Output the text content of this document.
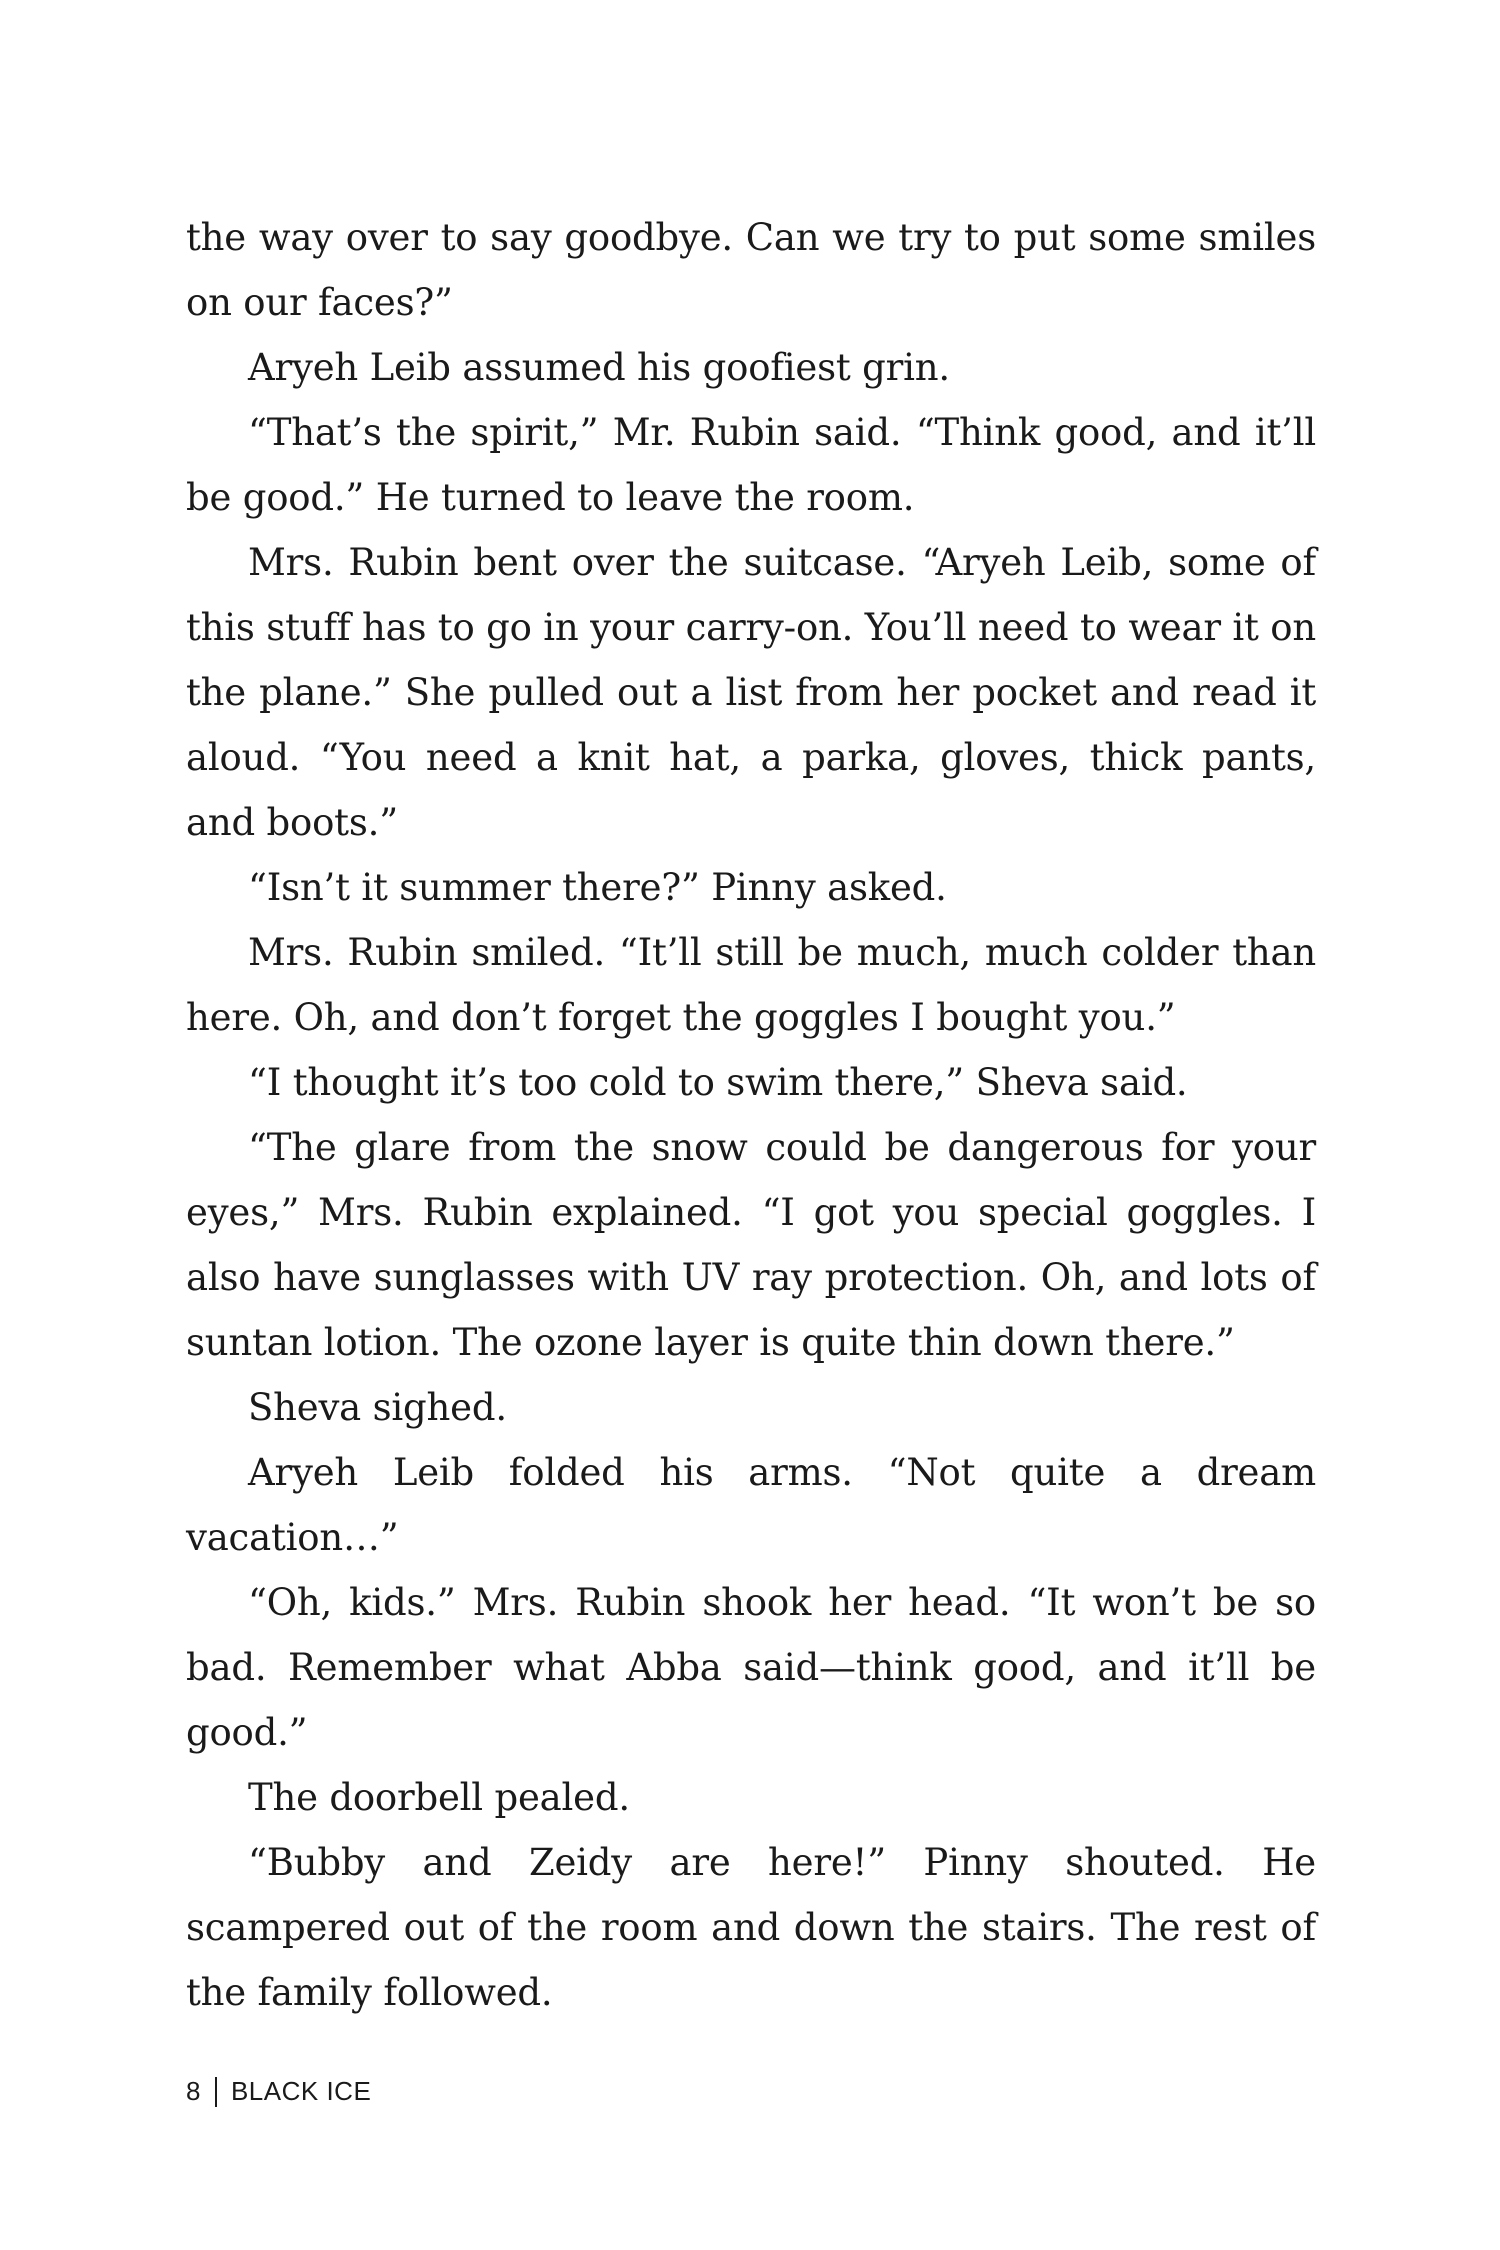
the way over to say goodbye. Can we try to put some smiles on our faces?”

Aryeh Leib assumed his goofiest grin.

“That’s the spirit,” Mr. Rubin said. “Think good, and it’ll be good.” He turned to leave the room.

Mrs. Rubin bent over the suitcase. “Aryeh Leib, some of this stuff has to go in your carry-on. You’ll need to wear it on the plane.” She pulled out a list from her pocket and read it aloud. “You need a knit hat, a parka, gloves, thick pants, and boots.”

“Isn’t it summer there?” Pinny asked.

Mrs. Rubin smiled. “It’ll still be much, much colder than here. Oh, and don’t forget the goggles I bought you.”

“I thought it’s too cold to swim there,” Sheva said.

“The glare from the snow could be dangerous for your eyes,” Mrs. Rubin explained. “I got you special goggles. I also have sunglasses with UV ray protection. Oh, and lots of suntan lotion. The ozone layer is quite thin down there.”

Sheva sighed.

Aryeh Leib folded his arms. “Not quite a dream vacation…”

“Oh, kids.” Mrs. Rubin shook her head. “It won’t be so bad. Remember what Abba said—think good, and it’ll be good.”

The doorbell pealed.

“Bubby and Zeidy are here!” Pinny shouted. He scampered out of the room and down the stairs. The rest of the family followed.

8 BLACK ICE
